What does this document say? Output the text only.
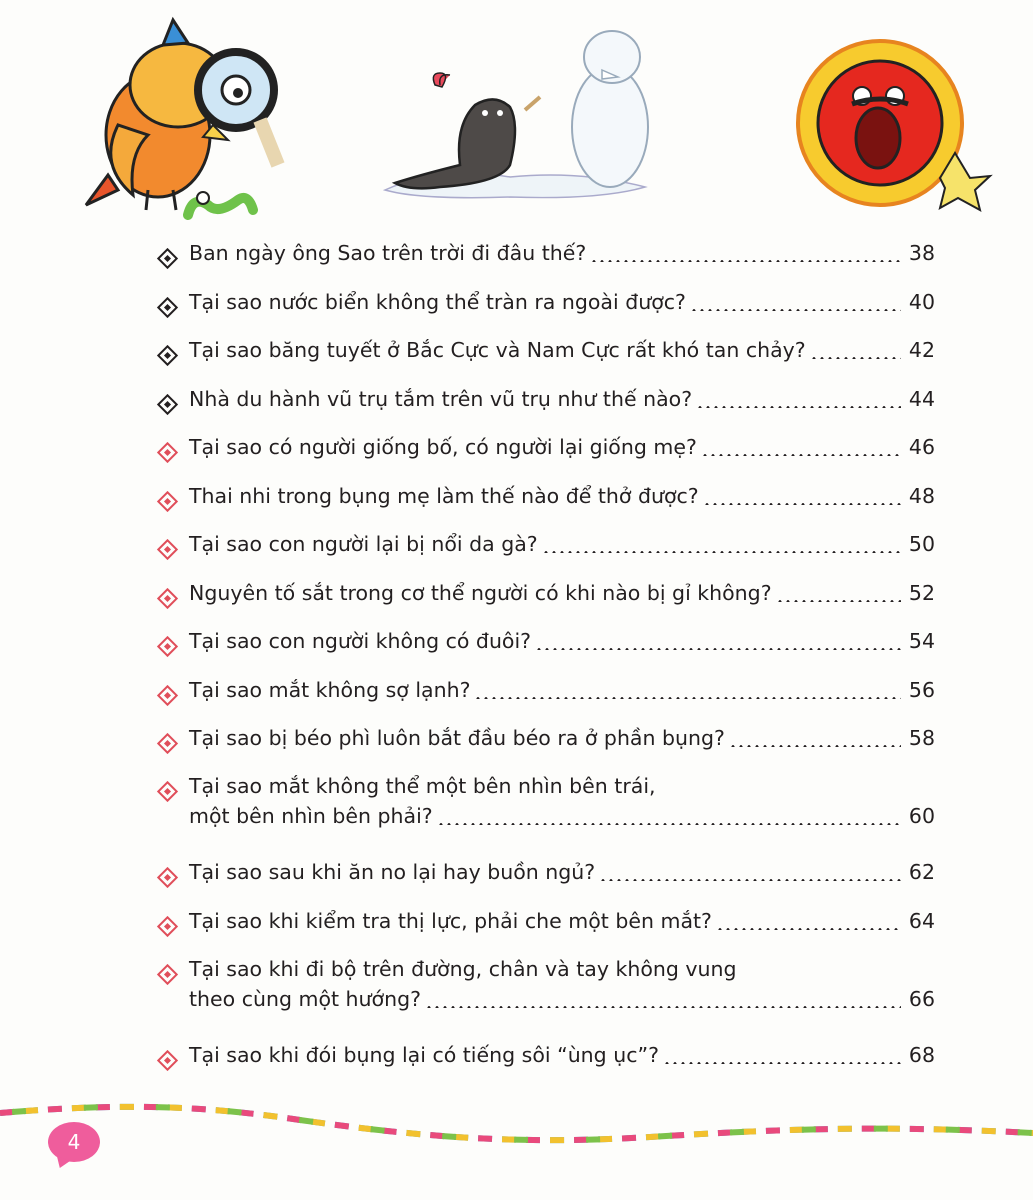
Ban ngày ông Sao trên trời đi đâu thế?	38
Tại sao nước biển không thể tràn ra ngoài được?	40
Tại sao băng tuyết ở Bắc Cực và Nam Cực rất khó tan chảy?	42
Nhà du hành vũ trụ tắm trên vũ trụ như thế nào?	44
Tại sao có người giống bố, có người lại giống mẹ?	46
Thai nhi trong bụng mẹ làm thế nào để thở được?	48
Tại sao con người lại bị nổi da gà?	50
Nguyên tố sắt trong cơ thể người có khi nào bị gỉ không?	52
Tại sao con người không có đuôi?	54
Tại sao mắt không sợ lạnh?	56
Tại sao bị béo phì luôn bắt đầu béo ra ở phần bụng?	58
Tại sao mắt không thể một bên nhìn bên trái,
một bên nhìn bên phải?	60
Tại sao sau khi ăn no lại hay buồn ngủ?	62
Tại sao khi kiểm tra thị lực, phải che một bên mắt?	64
Tại sao khi đi bộ trên đường, chân và tay không vung
theo cùng một hướng?	66
Tại sao khi đói bụng lại có tiếng sôi “ùng ục”?	68
4
